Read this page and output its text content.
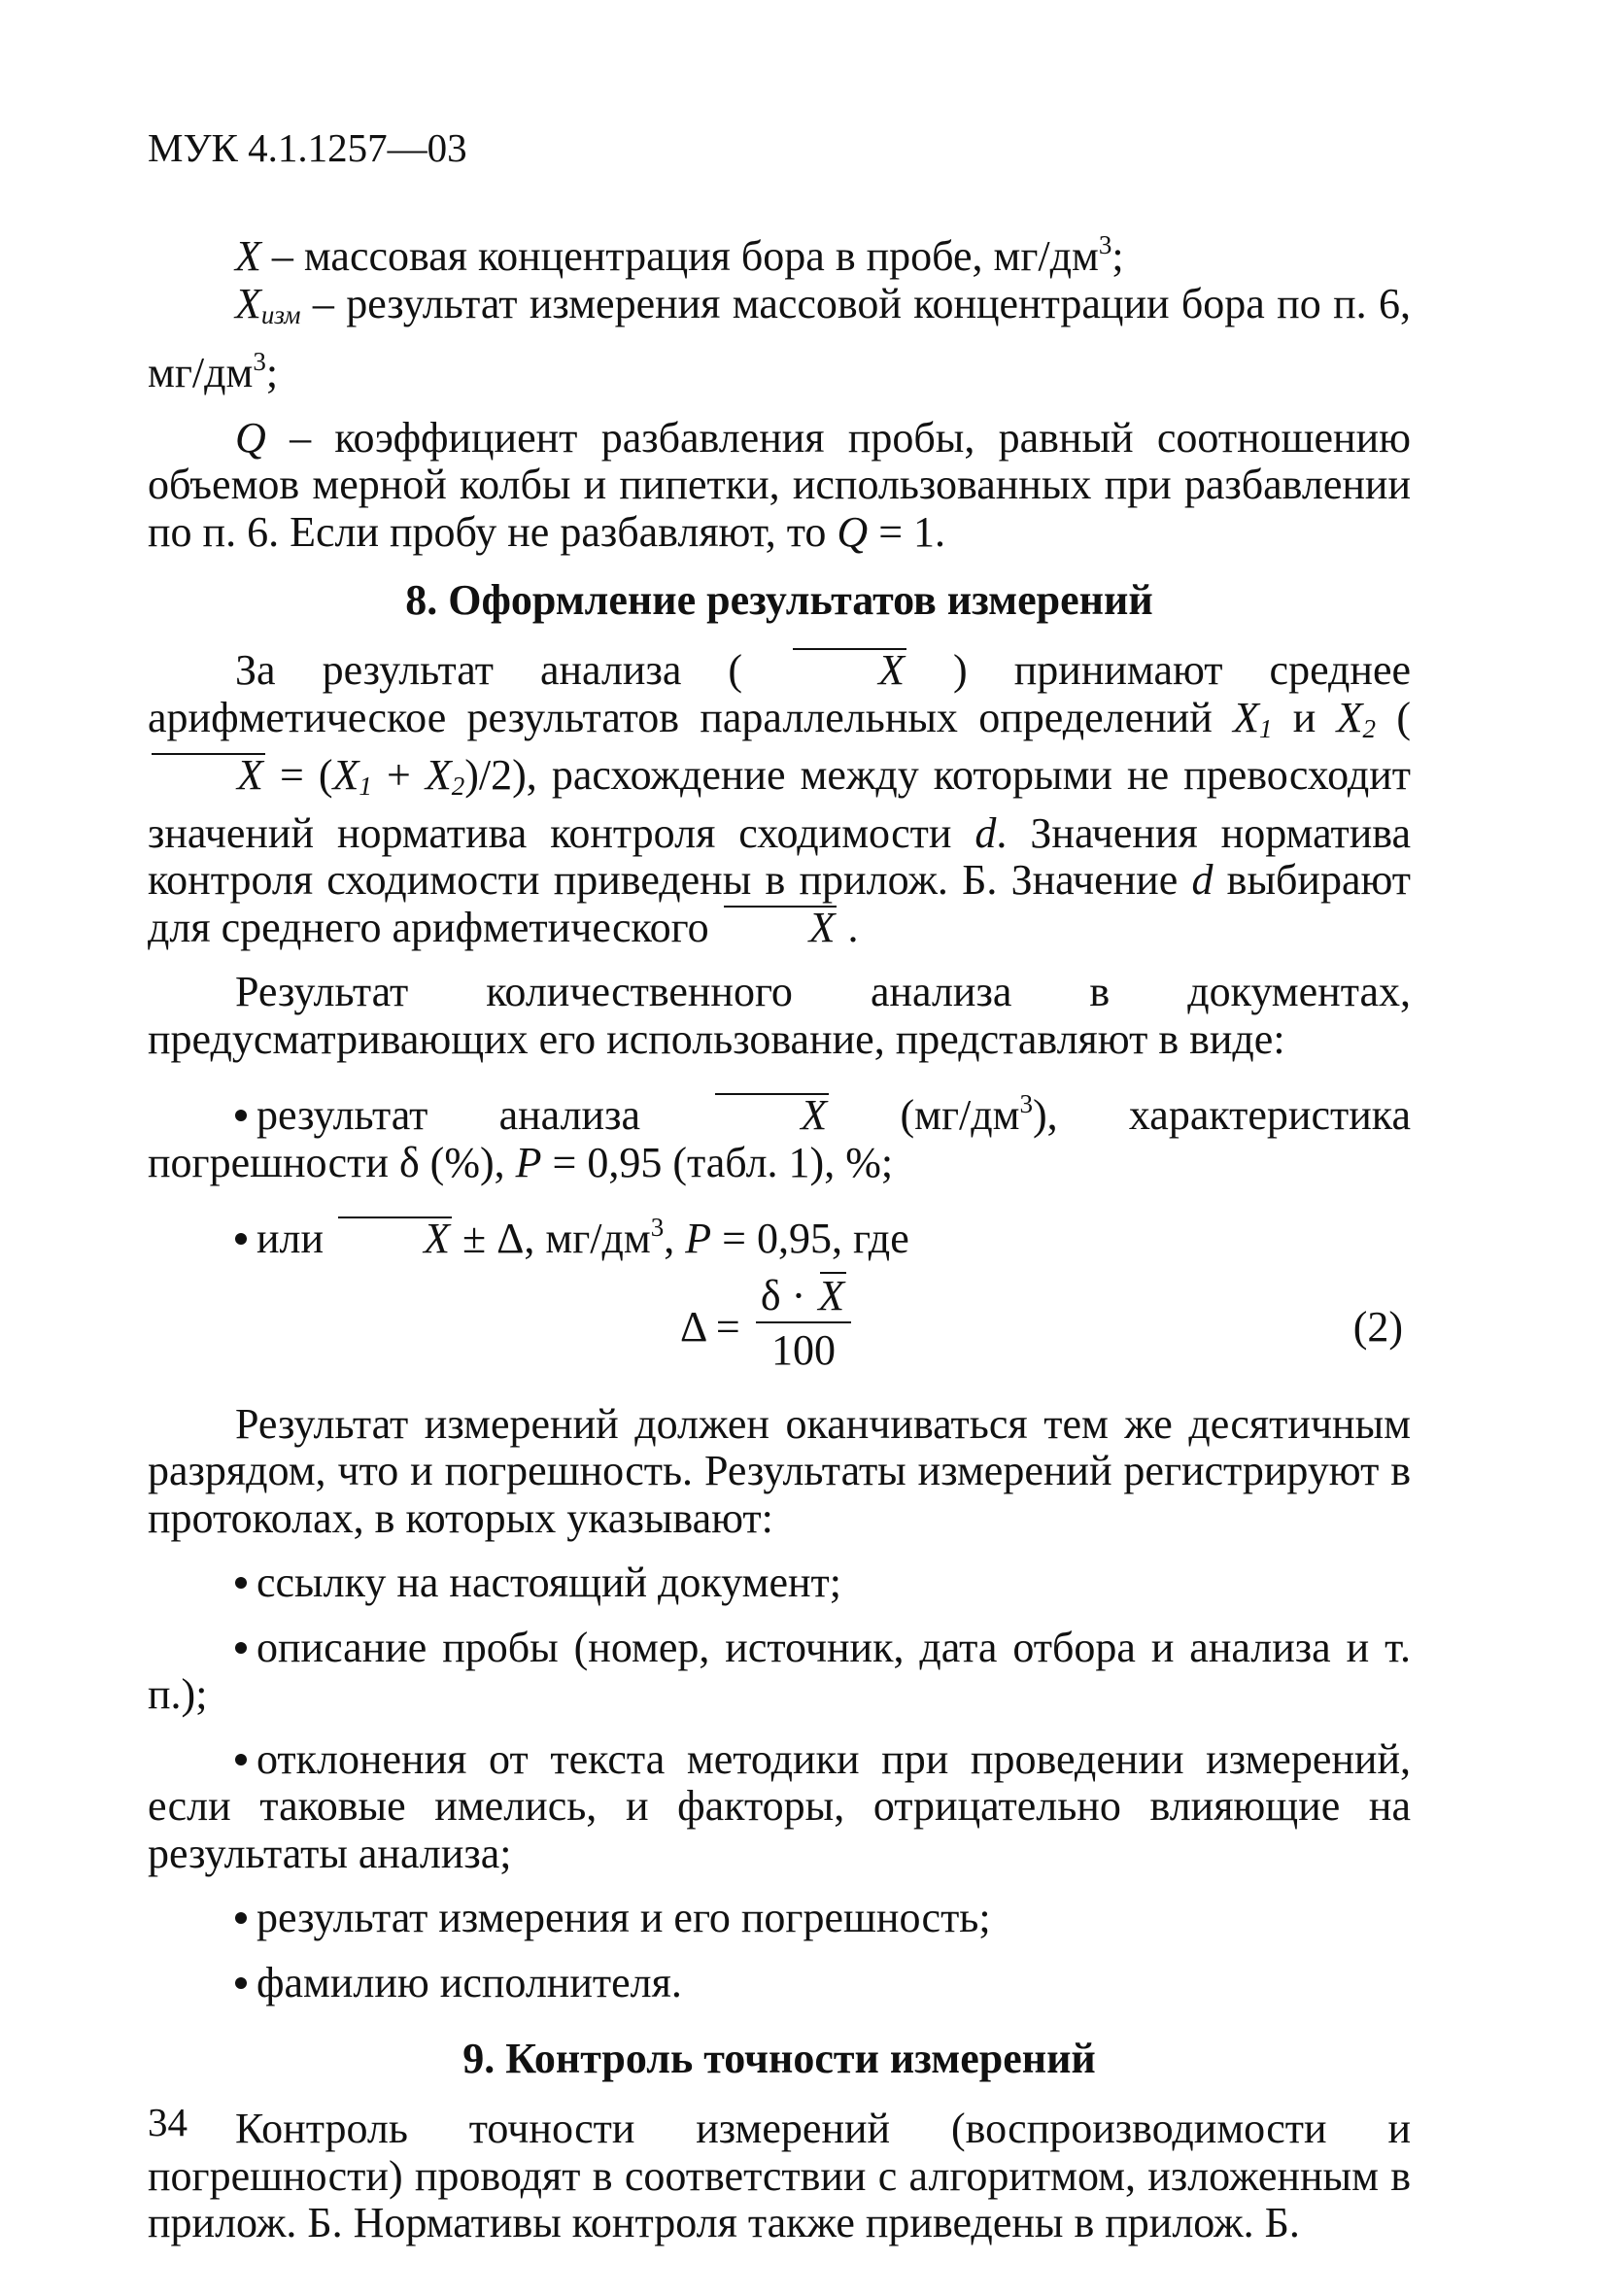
МУК 4.1.1257—03

X – массовая концентрация бора в пробе, $мг/дм^3$;

$X_{изм}$ – результат измерения массовой концентрации бора по п. 6, $мг/дм^3$;

Q – коэффициент разбавления пробы, равный соотношению объемов мерной колбы и пипетки, использованных при разбавлении по п. 6. Если пробу не разбавляют, то Q = 1.

8. Оформление результатов измерений

За результат анализа (	X ) принимают среднее арифметическое результатов параллельных определений $X_1$ и $X_2$ $(X = (X_1 + X_2)/2)$, расхождение между которыми не превосходит значений норматива контроля сходимости d. Значения норматива контроля сходимости приведены в прилож. Б. Значение d выбирают для среднего арифметического X .

Результат количественного анализа в документах, предусматривающих его использование, представляют в виде:

результат анализа X $(мг/дм^3)$, характеристика погрешности δ (%), P = 0,95 (табл. 1), %;

или X ± Δ, $мг/дм^3$, P = 0,95, где

Δ =
δ · X
100	(2)

Результат измерений должен оканчиваться тем же десятичным разрядом, что и погрешность. Результаты измерений регистрируют в протоколах, в которых указывают:

ссылку на настоящий документ;

описание пробы (номер, источник, дата отбора и анализа и т. п.);

отклонения от текста методики при проведении измерений, если таковые имелись, и факторы, отрицательно влияющие на результаты анализа;

результат измерения и его погрешность;

фамилию исполнителя.

9. Контроль точности измерений

Контроль точности измерений (воспроизводимости и погрешности) проводят в соответствии с алгоритмом, изложенным в прилож. Б. Нормативы контроля также приведены в прилож. Б.

34
